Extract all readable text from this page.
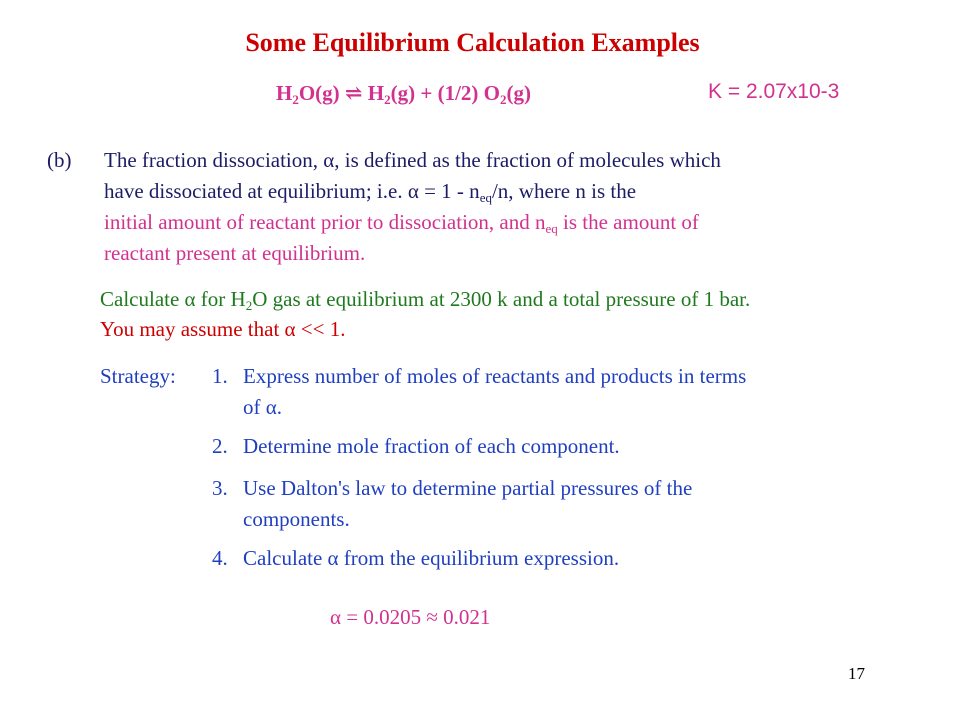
Some Equilibrium Calculation Examples
$H_2O(g)$ ⇌ $H_2(g) + (1/2)$ $O_2(g)$	K = 2.07x10-3
(b) The fraction dissociation, α, is defined as the fraction of molecules which
have dissociated at equilibrium; i.e. $\alpha = 1 - n_{eq}/n$, where n is the
initial amount of reactant prior to dissociation, and $n_{eq}$ is the amount of
reactant present at equilibrium.
Calculate α for $H_2O$ gas at equilibrium at 2300 k and a total pressure of 1 bar.
You may assume that α << 1.
Strategy: 1. Express number of moles of reactants and products in terms
of α.
2. Determine mole fraction of each component.
3. Use Dalton's law to determine partial pressures of the
components.
4. Calculate α from the equilibrium expression.
α = 0.0205 ≈ 0.021
17
